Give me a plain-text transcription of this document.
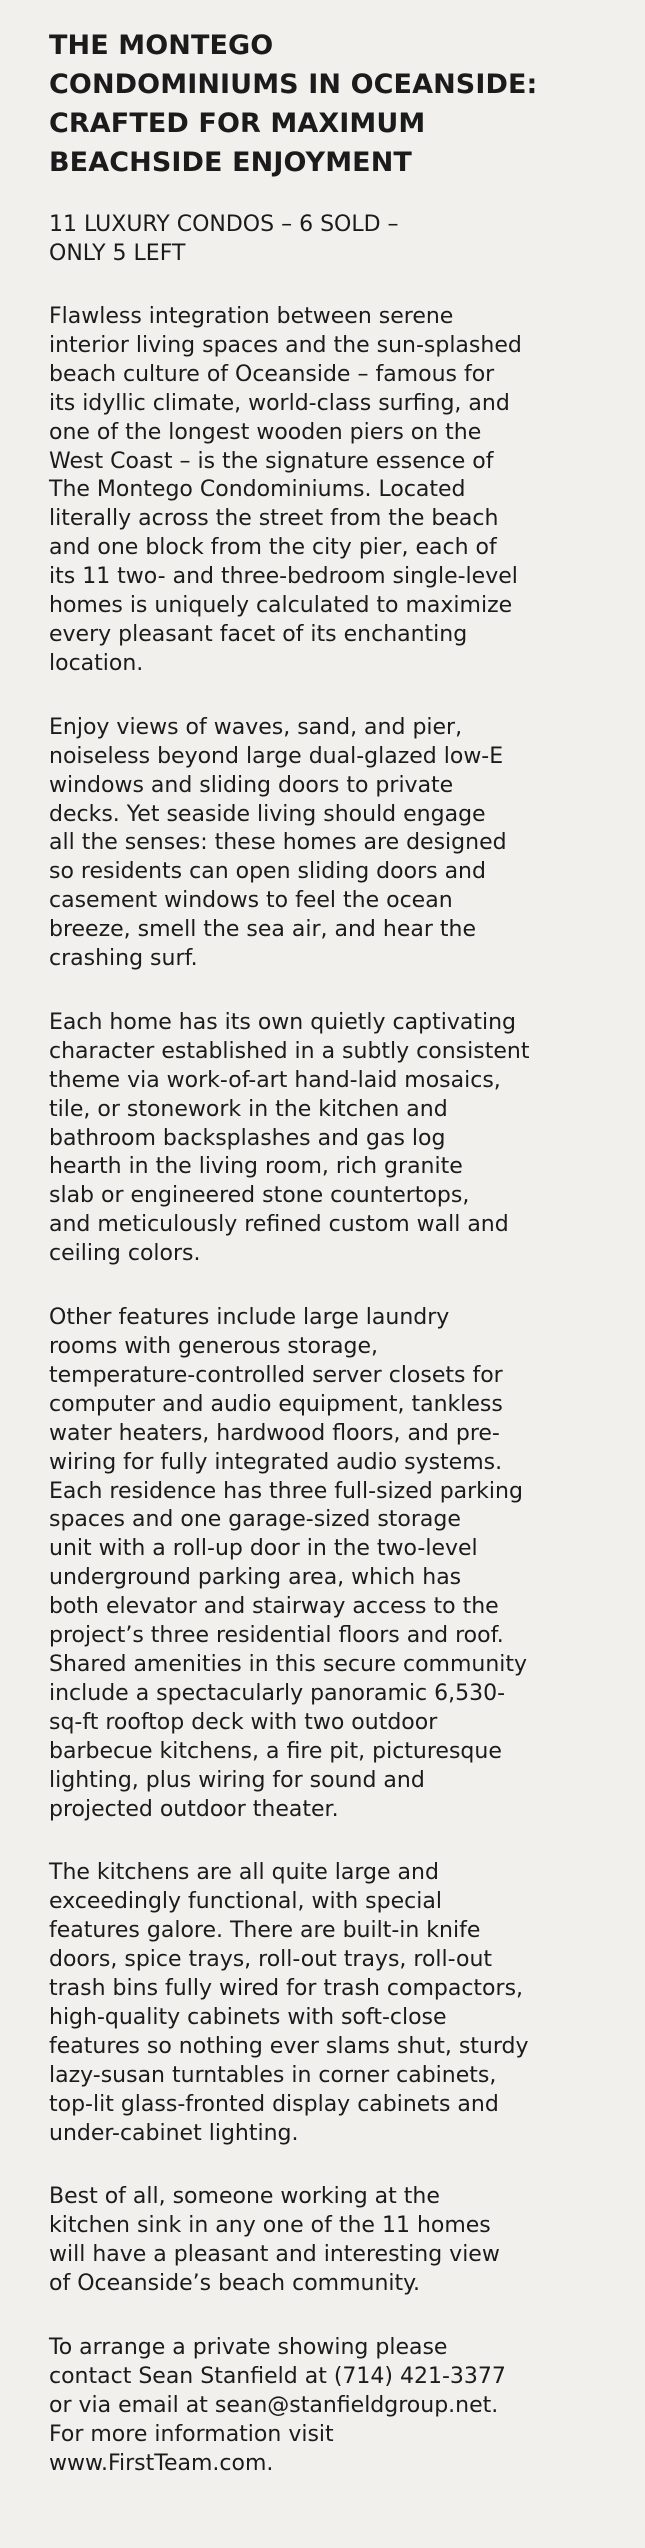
THE MONTEGO
CONDOMINIUMS IN OCEANSIDE:
CRAFTED FOR MAXIMUM
BEACHSIDE ENJOYMENT

11 LUXURY CONDOS – 6 SOLD –
ONLY 5 LEFT

Flawless integration between serene
interior living spaces and the sun-splashed
beach culture of Oceanside – famous for
its idyllic climate, world-class surfing, and
one of the longest wooden piers on the
West Coast – is the signature essence of
The Montego Condominiums. Located
literally across the street from the beach
and one block from the city pier, each of
its 11 two- and three-bedroom single-level
homes is uniquely calculated to maximize
every pleasant facet of its enchanting
location.

Enjoy views of waves, sand, and pier,
noiseless beyond large dual-glazed low-E
windows and sliding doors to private
decks. Yet seaside living should engage
all the senses: these homes are designed
so residents can open sliding doors and
casement windows to feel the ocean
breeze, smell the sea air, and hear the
crashing surf.

Each home has its own quietly captivating
character established in a subtly consistent
theme via work-of-art hand-laid mosaics,
tile, or stonework in the kitchen and
bathroom backsplashes and gas log
hearth in the living room, rich granite
slab or engineered stone countertops,
and meticulously refined custom wall and
ceiling colors.

Other features include large laundry
rooms with generous storage,
temperature-controlled server closets for
computer and audio equipment, tankless
water heaters, hardwood floors, and pre-
wiring for fully integrated audio systems.
Each residence has three full-sized parking
spaces and one garage-sized storage
unit with a roll-up door in the two-level
underground parking area, which has
both elevator and stairway access to the
project’s three residential floors and roof.
Shared amenities in this secure community
include a spectacularly panoramic 6,530-
sq-ft rooftop deck with two outdoor
barbecue kitchens, a fire pit, picturesque
lighting, plus wiring for sound and
projected outdoor theater.

The kitchens are all quite large and
exceedingly functional, with special
features galore. There are built-in knife
doors, spice trays, roll-out trays, roll-out
trash bins fully wired for trash compactors,
high-quality cabinets with soft-close
features so nothing ever slams shut, sturdy
lazy-susan turntables in corner cabinets,
top-lit glass-fronted display cabinets and
under-cabinet lighting.

Best of all, someone working at the
kitchen sink in any one of the 11 homes
will have a pleasant and interesting view
of Oceanside’s beach community.

To arrange a private showing please
contact Sean Stanfield at (714) 421-3377
or via email at sean@stanfieldgroup.net.
For more information visit
www.FirstTeam.com.
